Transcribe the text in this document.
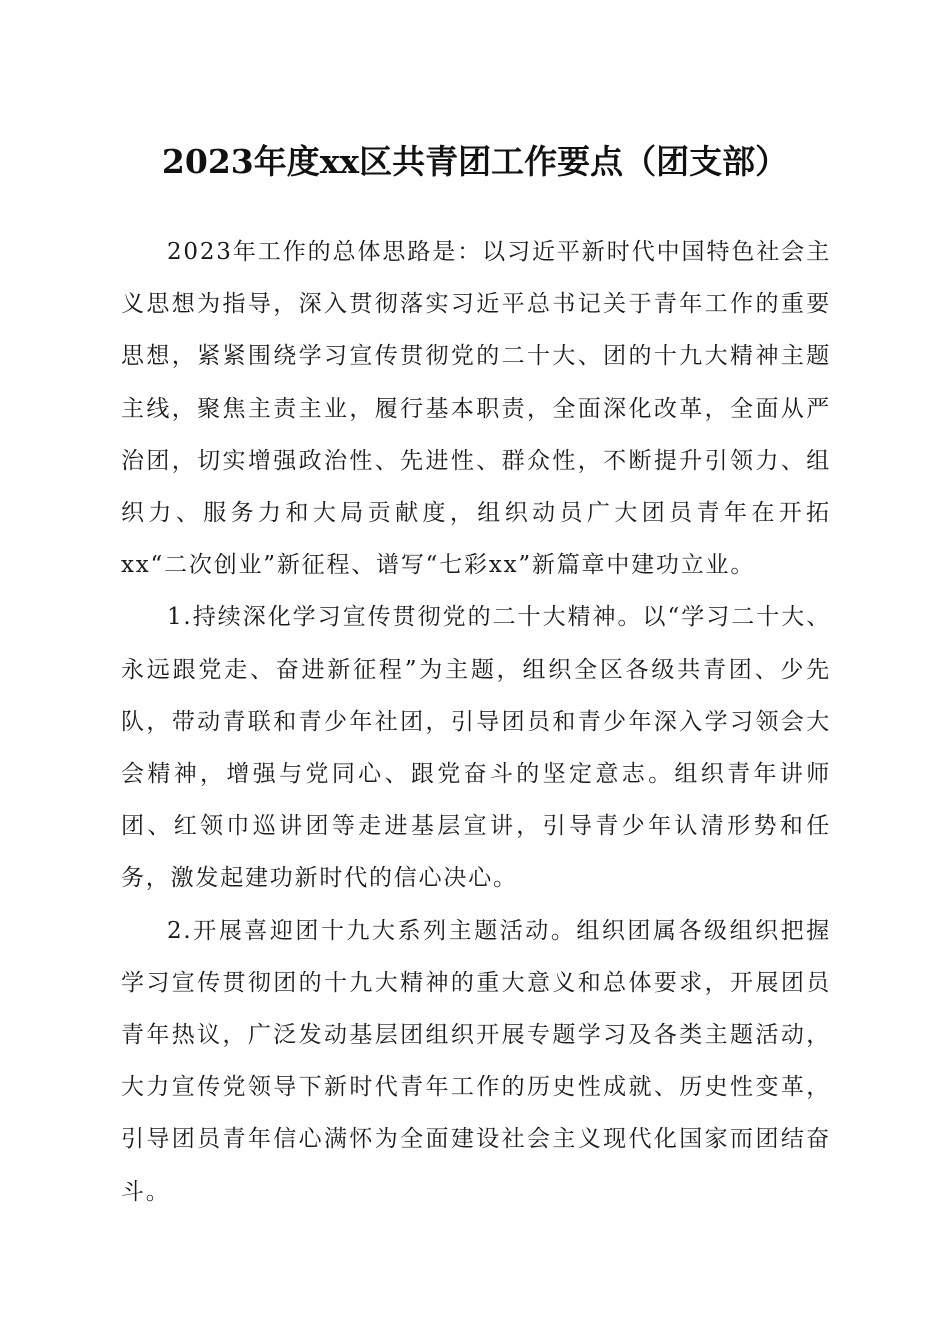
2023年度xx区共青团工作要点（团支部）

2023年工作的总体思路是：以习近平新时代中国特色社会主义思想为指导，深入贯彻落实习近平总书记关于青年工作的重要思想，紧紧围绕学习宣传贯彻党的二十大、团的十九大精神主题主线，聚焦主责主业，履行基本职责，全面深化改革，全面从严治团，切实增强政治性、先进性、群众性，不断提升引领力、组织力、服务力和大局贡献度，组织动员广大团员青年在开拓xx“二次创业”新征程、谱写“七彩xx”新篇章中建功立业。

1.持续深化学习宣传贯彻党的二十大精神。以“学习二十大、永远跟党走、奋进新征程”为主题，组织全区各级共青团、少先队，带动青联和青少年社团，引导团员和青少年深入学习领会大会精神，增强与党同心、跟党奋斗的坚定意志。组织青年讲师团、红领巾巡讲团等走进基层宣讲，引导青少年认清形势和任务，激发起建功新时代的信心决心。

2.开展喜迎团十九大系列主题活动。组织团属各级组织把握学习宣传贯彻团的十九大精神的重大意义和总体要求，开展团员青年热议，广泛发动基层团组织开展专题学习及各类主题活动，大力宣传党领导下新时代青年工作的历史性成就、历史性变革，引导团员青年信心满怀为全面建设社会主义现代化国家而团结奋斗。
